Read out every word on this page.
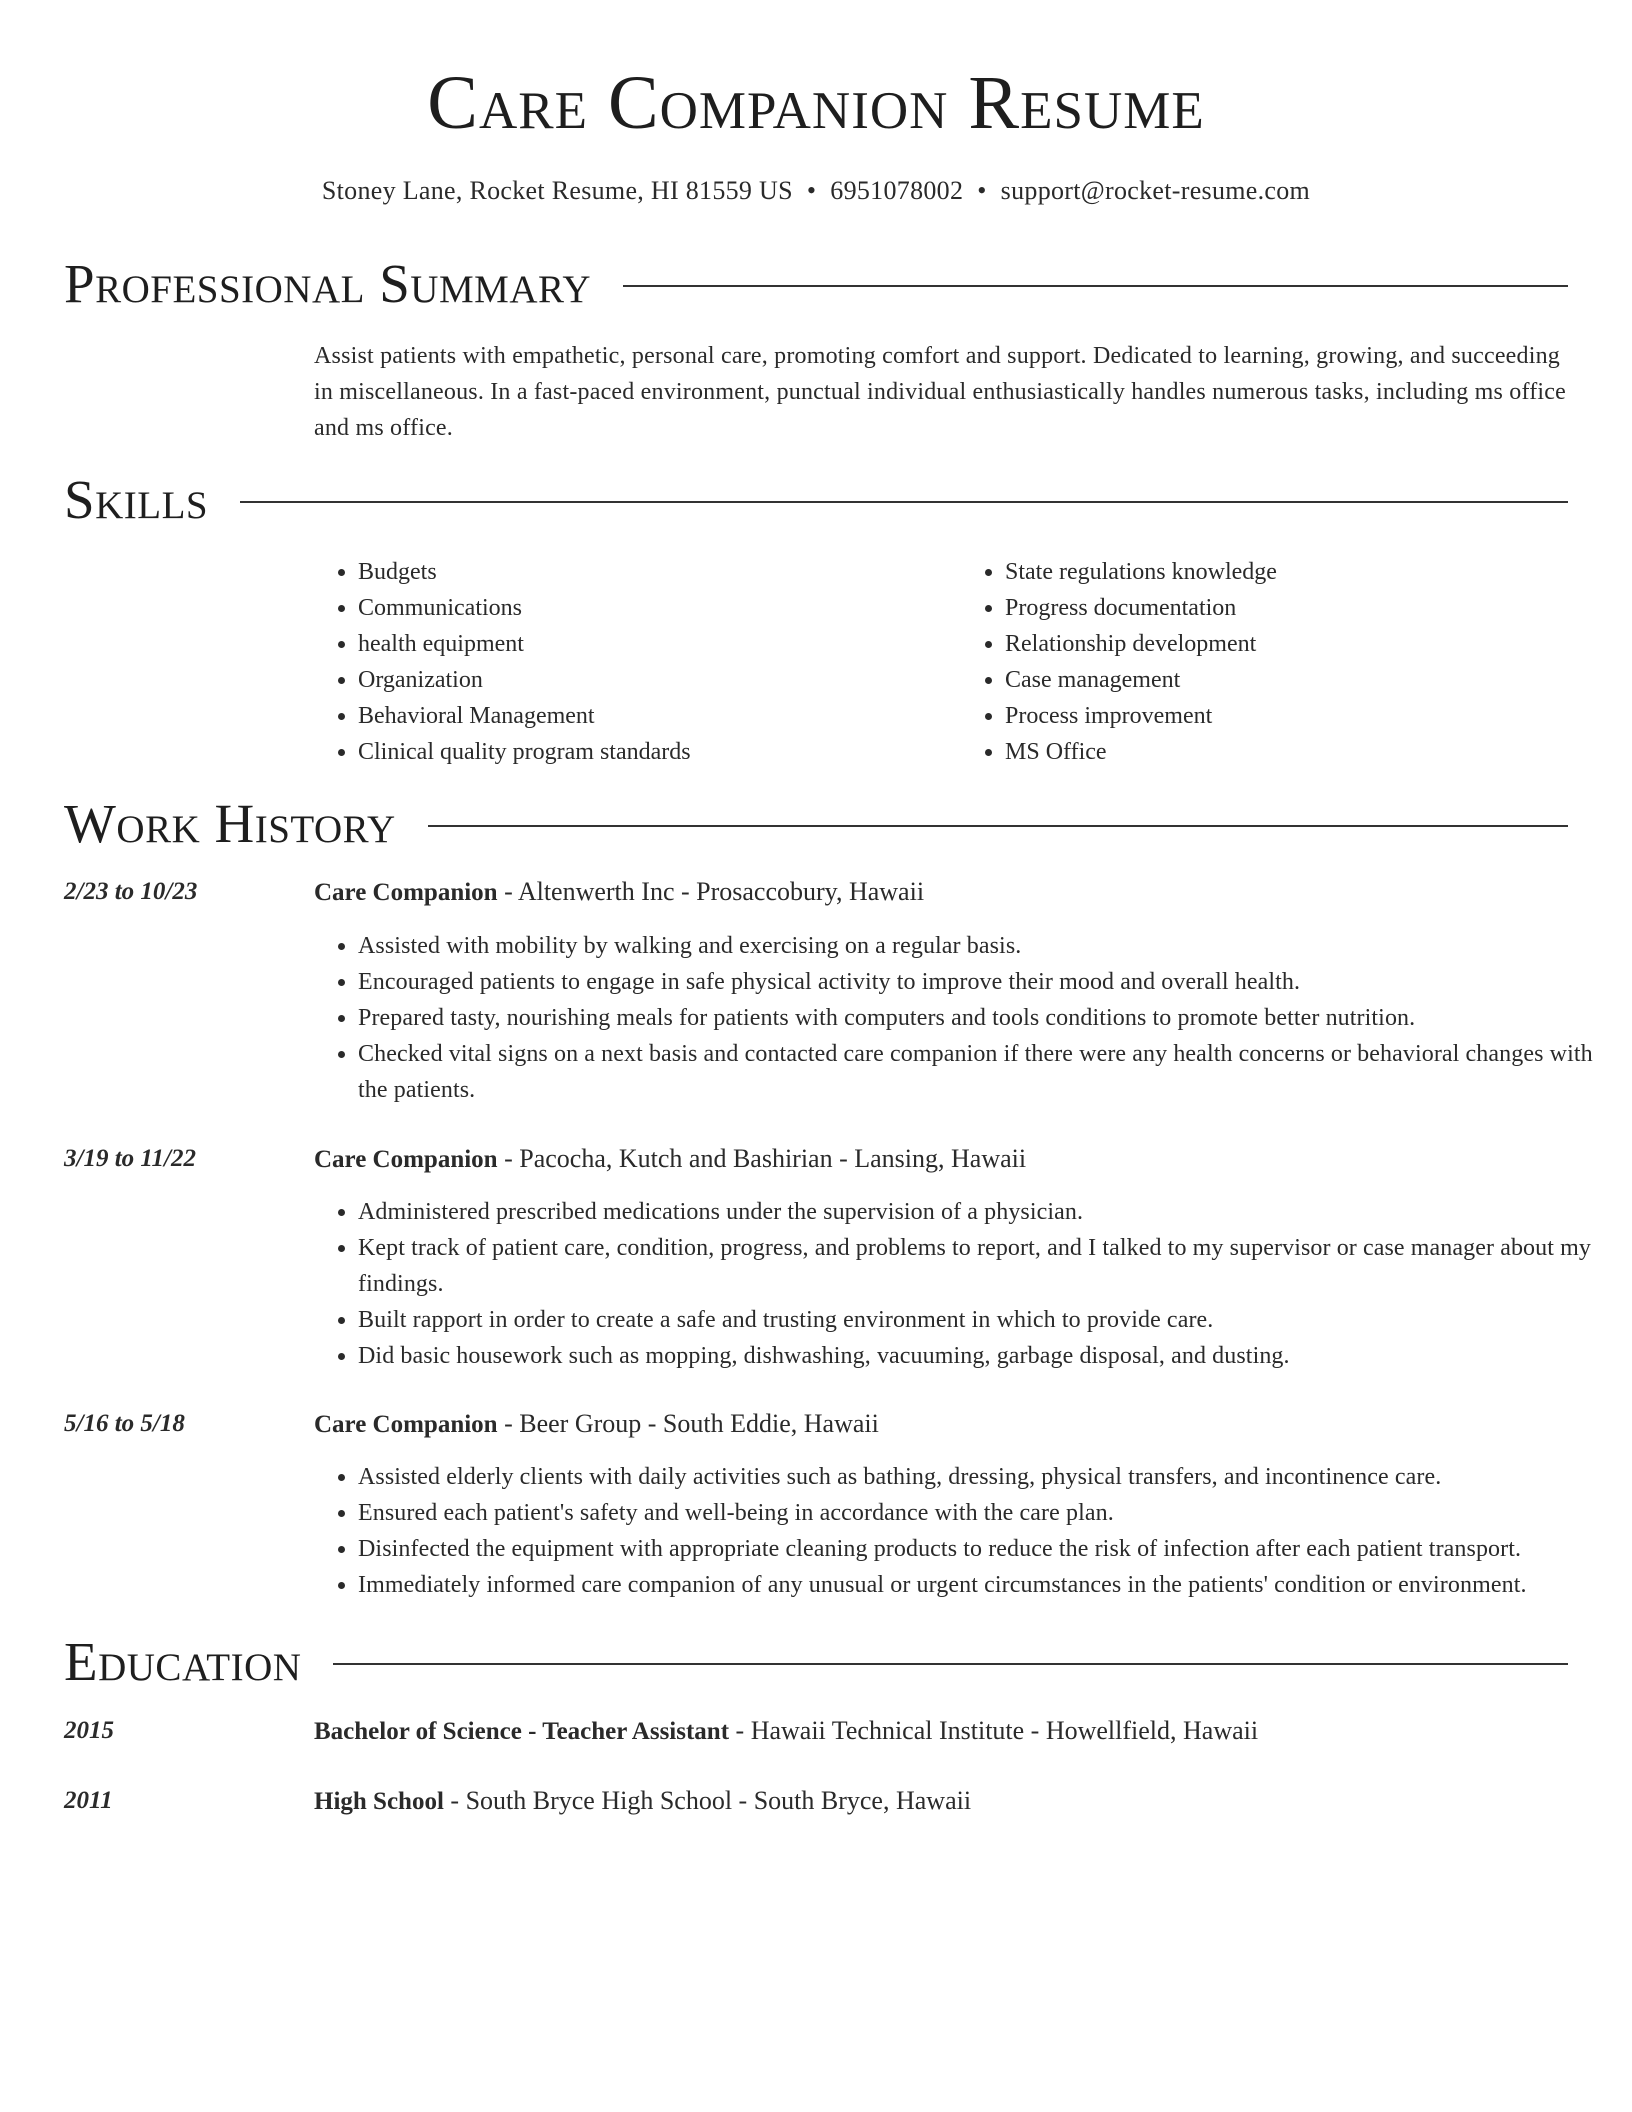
Care Companion Resume
Stoney Lane, Rocket Resume, HI 81559 US • 6951078002 • support@rocket-resume.com
Professional Summary
Assist patients with empathetic, personal care, promoting comfort and support. Dedicated to learning, growing, and succeeding in miscellaneous. In a fast-paced environment, punctual individual enthusiastically handles numerous tasks, including ms office and ms office.
Skills
• Budgets
• Communications
• health equipment
• Organization
• Behavioral Management
• Clinical quality program standards
• State regulations knowledge
• Progress documentation
• Relationship development
• Case management
• Process improvement
• MS Office
Work History
2/23 to 10/23	Care Companion - Altenwerth Inc - Prosaccobury, Hawaii
• Assisted with mobility by walking and exercising on a regular basis.
• Encouraged patients to engage in safe physical activity to improve their mood and overall health.
• Prepared tasty, nourishing meals for patients with computers and tools conditions to promote better nutrition.
• Checked vital signs on a next basis and contacted care companion if there were any health concerns or behavioral changes with the patients.
3/19 to 11/22	Care Companion - Pacocha, Kutch and Bashirian - Lansing, Hawaii
• Administered prescribed medications under the supervision of a physician.
• Kept track of patient care, condition, progress, and problems to report, and I talked to my supervisor or case manager about my findings.
• Built rapport in order to create a safe and trusting environment in which to provide care.
• Did basic housework such as mopping, dishwashing, vacuuming, garbage disposal, and dusting.
5/16 to 5/18	Care Companion - Beer Group - South Eddie, Hawaii
• Assisted elderly clients with daily activities such as bathing, dressing, physical transfers, and incontinence care.
• Ensured each patient's safety and well-being in accordance with the care plan.
• Disinfected the equipment with appropriate cleaning products to reduce the risk of infection after each patient transport.
• Immediately informed care companion of any unusual or urgent circumstances in the patients' condition or environment.
Education
2015	Bachelor of Science - Teacher Assistant - Hawaii Technical Institute - Howellfield, Hawaii
2011	High School - South Bryce High School - South Bryce, Hawaii
